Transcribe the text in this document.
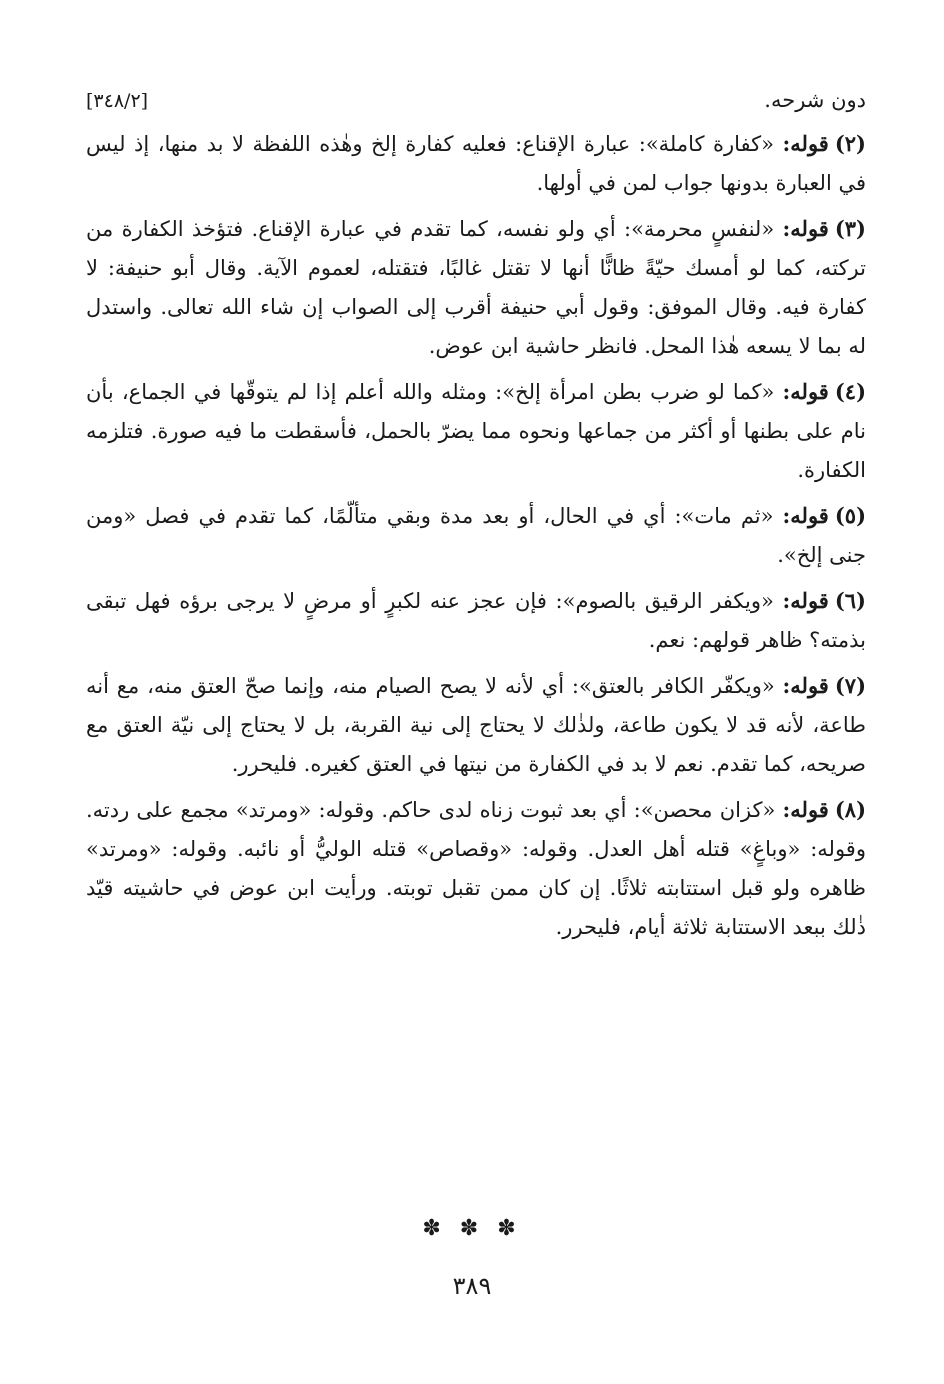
دون شرحه.
[٣٤٨/٢]

(٢)قوله: «كفارة كاملة»: عبارة الإقناع: فعليه كفارة إلخ وهٰذه اللفظة لا بد منها، إذ ليس في العبارة بدونها جواب لمن في أولها.

(٣)قوله: «لنفسٍ محرمة»: أي ولو نفسه، كما تقدم في عبارة الإقناع. فتؤخذ الكفارة من تركته، كما لو أمسك حيّةً ظانًّا أنها لا تقتل غالبًا، فتقتله، لعموم الآية. وقال أبو حنيفة: لا كفارة فيه. وقال الموفق: وقول أبي حنيفة أقرب إلى الصواب إن شاء الله تعالى. واستدل له بما لا يسعه هٰذا المحل. فانظر حاشية ابن عوض.

(٤)قوله: «كما لو ضرب بطن امرأة إلخ»: ومثله والله أعلم إذا لم يتوقّها في الجماع، بأن نام على بطنها أو أكثر من جماعها ونحوه مما يضرّ بالحمل، فأسقطت ما فيه صورة. فتلزمه الكفارة.

(٥)قوله: «ثم مات»: أي في الحال، أو بعد مدة وبقي متألّمًا، كما تقدم في فصل «ومن جنى إلخ».

(٦)قوله: «ويكفر الرقيق بالصوم»: فإن عجز عنه لكبرٍ أو مرضٍ لا يرجى برؤه فهل تبقى بذمته؟ ظاهر قولهم: نعم.

(٧)قوله: «ويكفّر الكافر بالعتق»: أي لأنه لا يصح الصيام منه، وإنما صحّ العتق منه، مع أنه طاعة، لأنه قد لا يكون طاعة، ولذٰلك لا يحتاج إلى نية القربة، بل لا يحتاج إلى نيّة العتق مع صريحه، كما تقدم. نعم لا بد في الكفارة من نيتها في العتق كغيره. فليحرر.

(٨)قوله: «كزان محصن»: أي بعد ثبوت زناه لدى حاكم. وقوله: «ومرتد» مجمع على ردته. وقوله: «وباغٍ» قتله أهل العدل. وقوله: «وقصاص» قتله الوليُّ أو نائبه. وقوله: «ومرتد» ظاهره ولو قبل استتابته ثلاثًا. إن كان ممن تقبل توبته. ورأيت ابن عوض في حاشيته قيّد ذٰلك ببعد الاستتابة ثلاثة أيام، فليحرر.

✽ ✽ ✽
٣٨٩
